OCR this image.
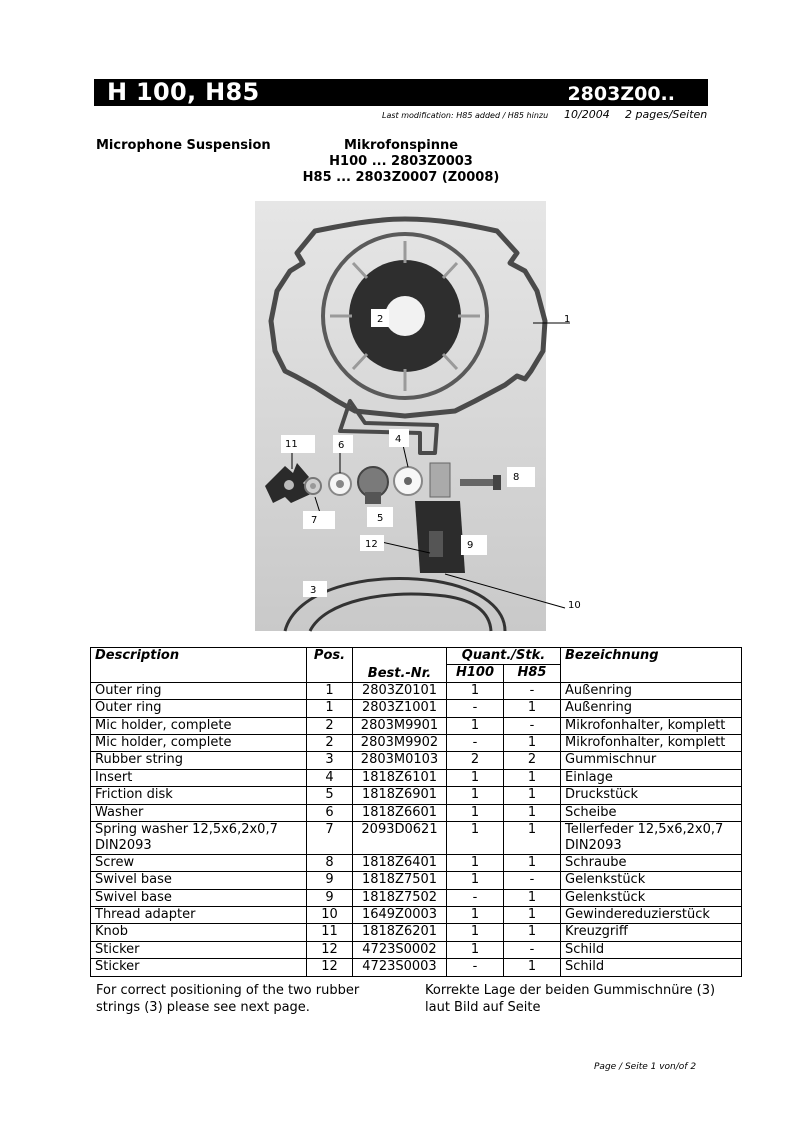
H 100, H85	2803Z00..
Last modification: H85 added / H85 hinzu 10/2004 2 pages/Seiten
Microphone Suspension	Mikrofonspinne
H100 ... 2803Z0003
H85 ... 2803Z0007 (Z0008)
2	1
11	6
4
8
5
7
9
12
3
10
Description	Pos.	Best.-Nr.	Quant./Stk.		Bezeichnung
			H100	H85	
Outer ring	1	2803Z0101	1	-	Außenring
Outer ring	1	2803Z1001	-	1	Außenring
Mic holder, complete	2	2803M9901	1	-	Mikrofonhalter, komplett
Mic holder, complete	2	2803M9902	-	1	Mikrofonhalter, komplett
Rubber string	3	2803M0103	2	2	Gummischnur
Insert	4	1818Z6101	1	1	Einlage
Friction disk	5	1818Z6901	1	1	Druckstück
Washer	6	1818Z6601	1	1	Scheibe
Spring washer 12,5x6,2x0,7 DIN2093	7	2093D0621	1	1	Tellerfeder 12,5x6,2x0,7 DIN2093
Screw	8	1818Z6401	1	1	Schraube
Swivel base	9	1818Z7501	1	-	Gelenkstück
Swivel base	9	1818Z7502	-	1	Gelenkstück
Thread adapter	10	1649Z0003	1	1	Gewindereduzierstück
Knob	11	1818Z6201	1	1	Kreuzgriff
Sticker	12	4723S0002	1	-	Schild
Sticker	12	4723S0003	-	1	Schild
For correct positioning of the two rubber strings (3) please see next page.
Korrekte Lage der beiden Gummischnüre (3) laut Bild auf Seite
Page / Seite 1 von/of 2
